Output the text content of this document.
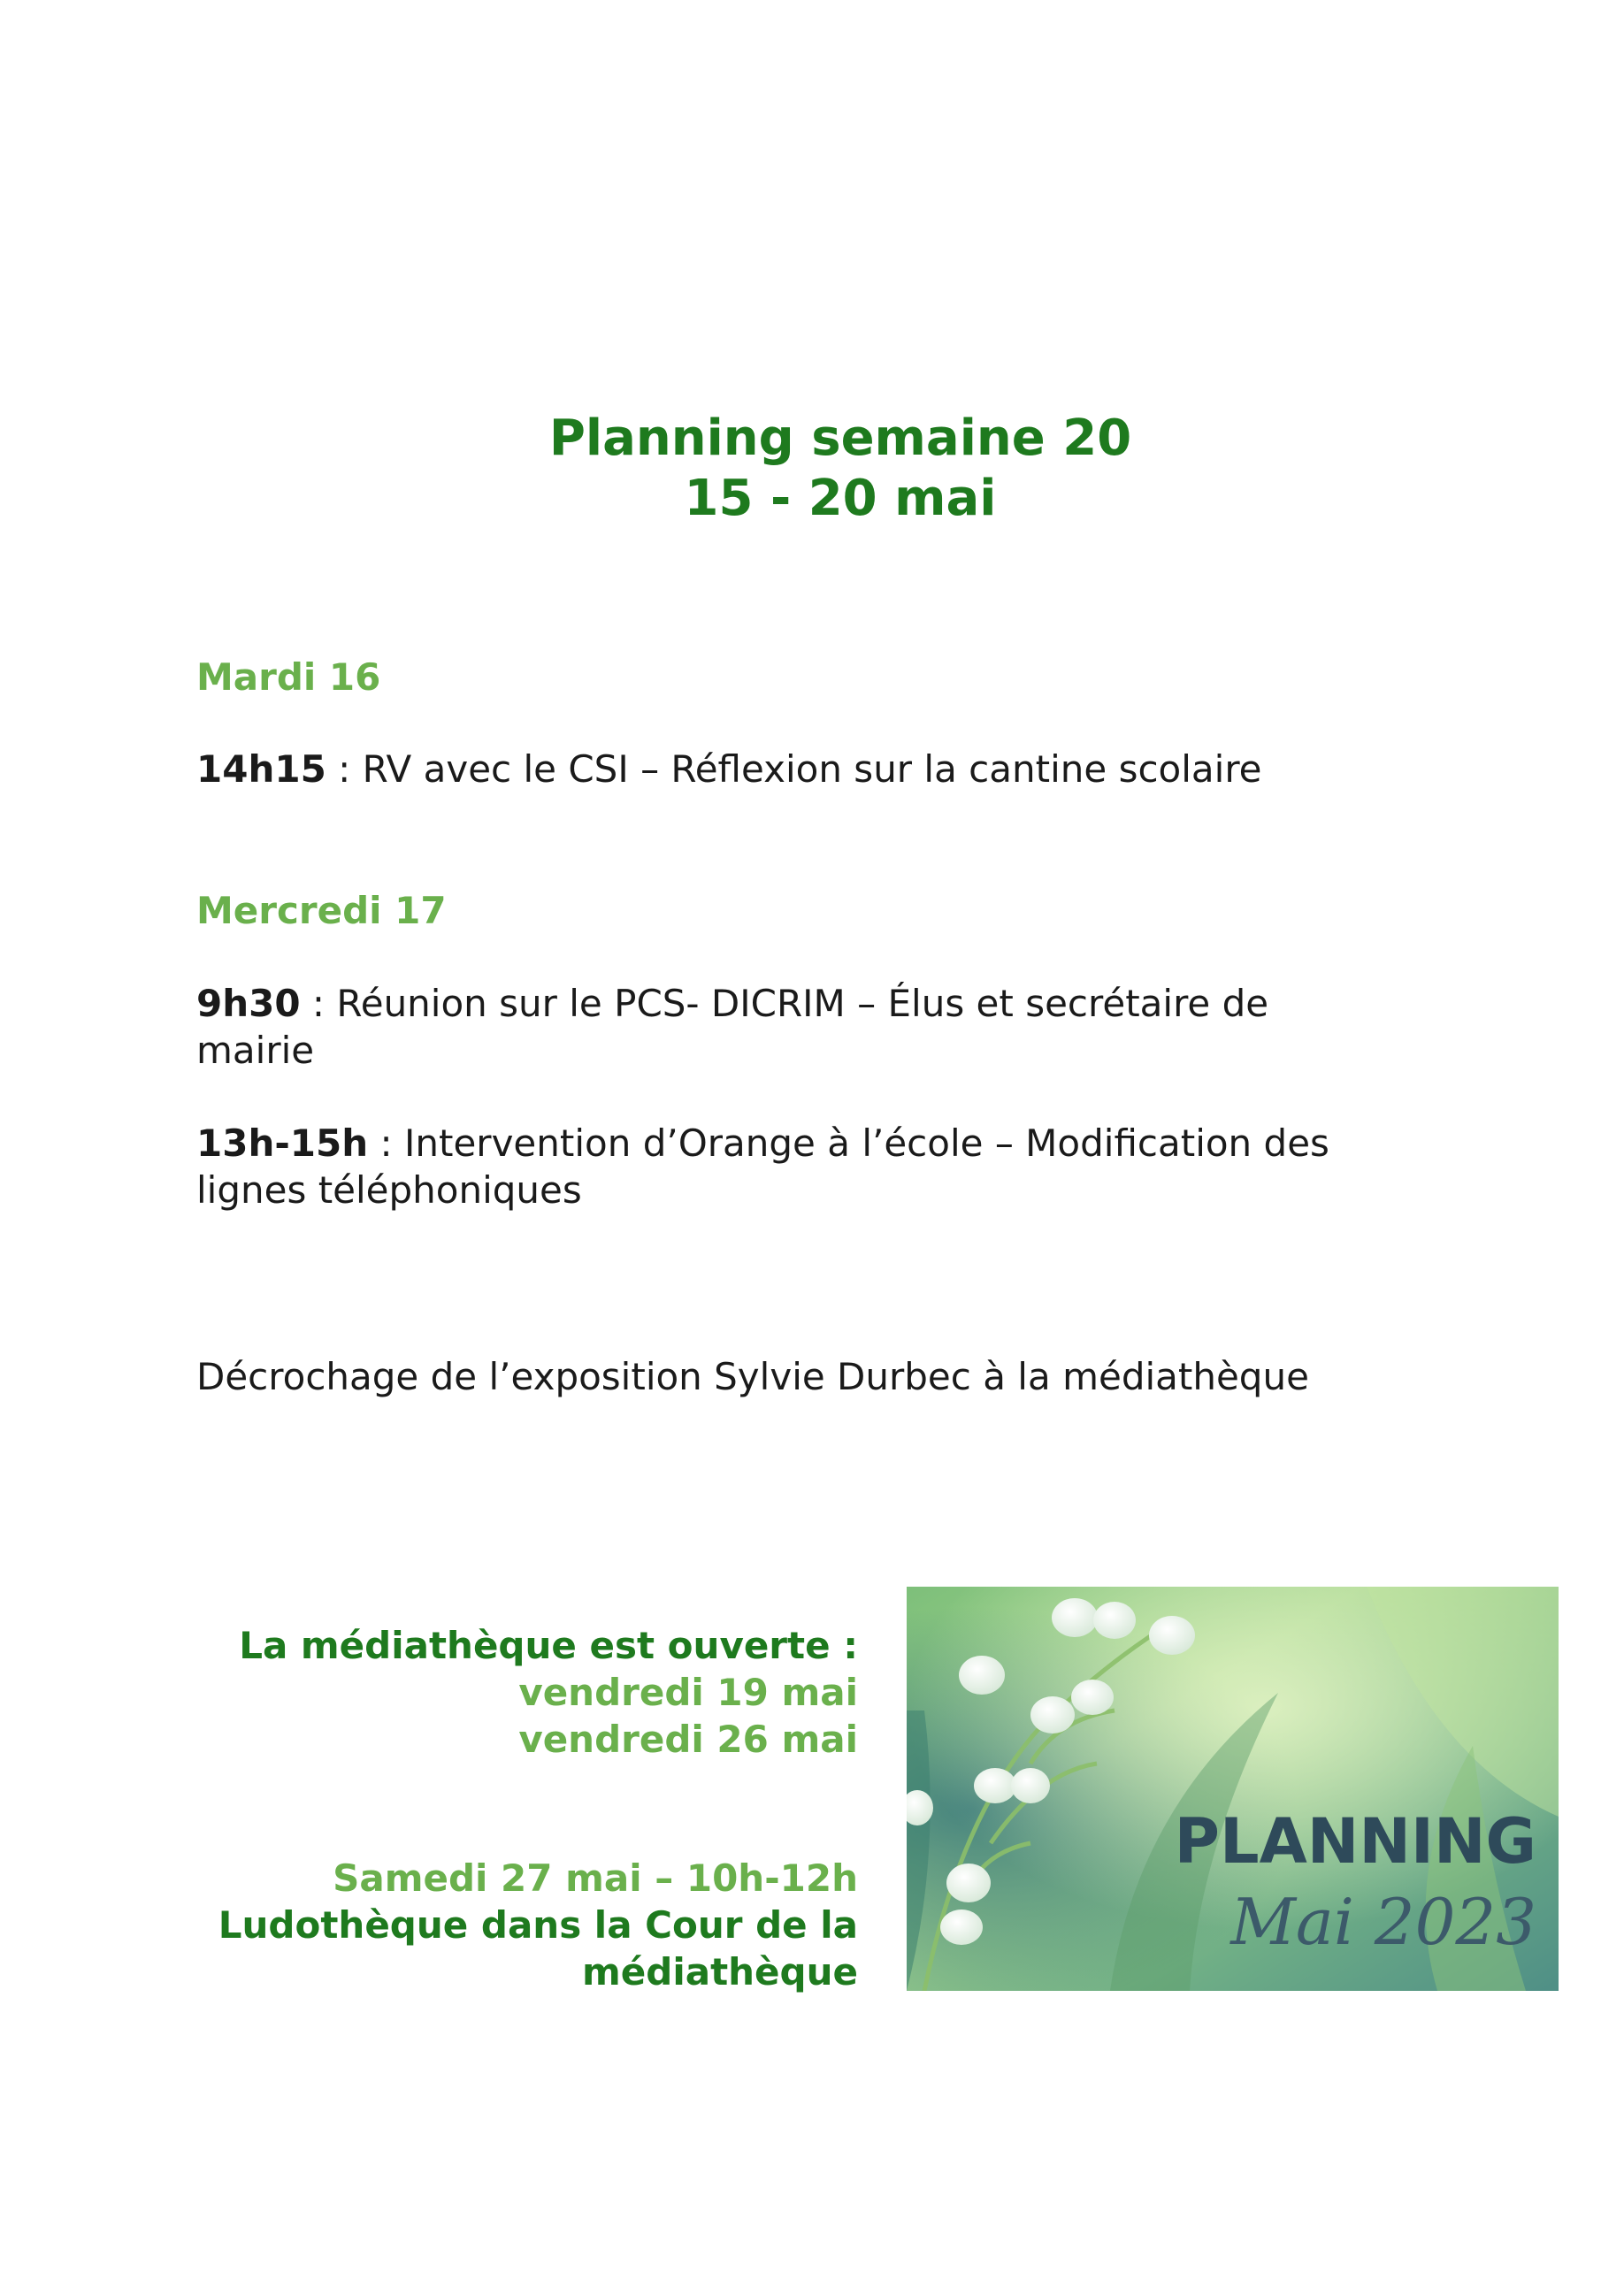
Planning semaine 20
15 - 20 mai
Mardi 16
14h15 : RV avec le CSI – Réflexion sur la cantine scolaire
Mercredi 17
9h30 : Réunion sur le PCS- DICRIM – Élus et secrétaire de mairie
13h-15h : Intervention d’Orange à l’école – Modification des lignes téléphoniques
Décrochage de l’exposition Sylvie Durbec à la médiathèque
La médiathèque est ouverte :
vendredi 19 mai
vendredi 26 mai
Samedi 27 mai – 10h-12h
Ludothèque dans la Cour de la
médiathèque
PLANNING
Mai 2023
